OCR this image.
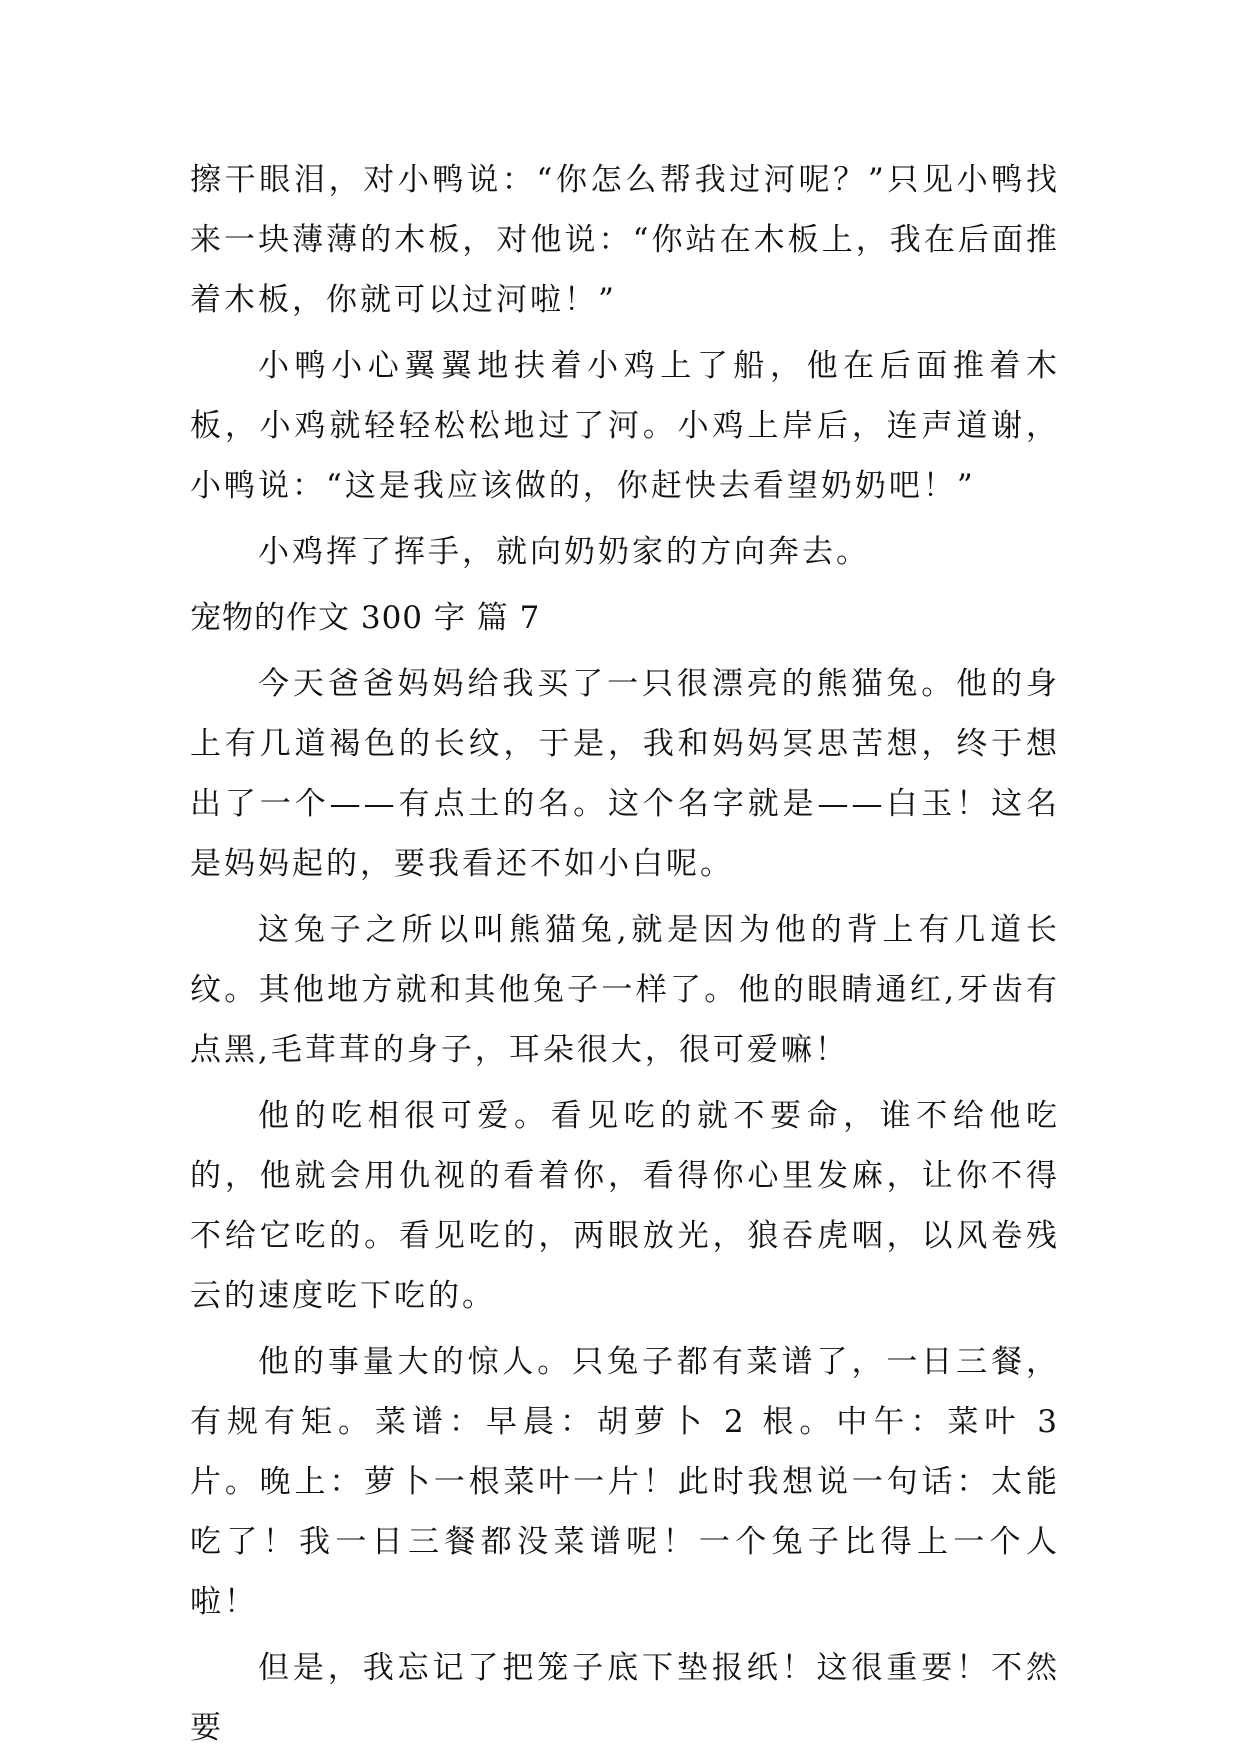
擦干眼泪，对小鸭说：“你怎么帮我过河呢？”只见小鸭找来一块薄薄的木板，对他说：“你站在木板上，我在后面推着木板，你就可以过河啦！”

小鸭小心翼翼地扶着小鸡上了船，他在后面推着木板，小鸡就轻轻松松地过了河。小鸡上岸后，连声道谢，小鸭说：“这是我应该做的，你赶快去看望奶奶吧！”

小鸡挥了挥手，就向奶奶家的方向奔去。

宠物的作文 300 字 篇 7

今天爸爸妈妈给我买了一只很漂亮的熊猫兔。他的身上有几道褐色的长纹，于是，我和妈妈冥思苦想，终于想出了一个——有点土的名。这个名字就是——白玉！这名是妈妈起的，要我看还不如小白呢。

这兔子之所以叫熊猫兔,就是因为他的背上有几道长纹。其他地方就和其他兔子一样了。他的眼睛通红,牙齿有点黑,毛茸茸的身子，耳朵很大，很可爱嘛！

他的吃相很可爱。看见吃的就不要命，谁不给他吃的，他就会用仇视的看着你，看得你心里发麻，让你不得不给它吃的。看见吃的，两眼放光，狼吞虎咽，以风卷残云的速度吃下吃的。

他的事量大的惊人。只兔子都有菜谱了，一日三餐，有规有矩。菜谱：早晨：胡萝卜 2 根。中午：菜叶 3 片。晚上：萝卜一根菜叶一片！此时我想说一句话：太能吃了！我一日三餐都没菜谱呢！一个兔子比得上一个人啦！

但是，我忘记了把笼子底下垫报纸！这很重要！不然要
